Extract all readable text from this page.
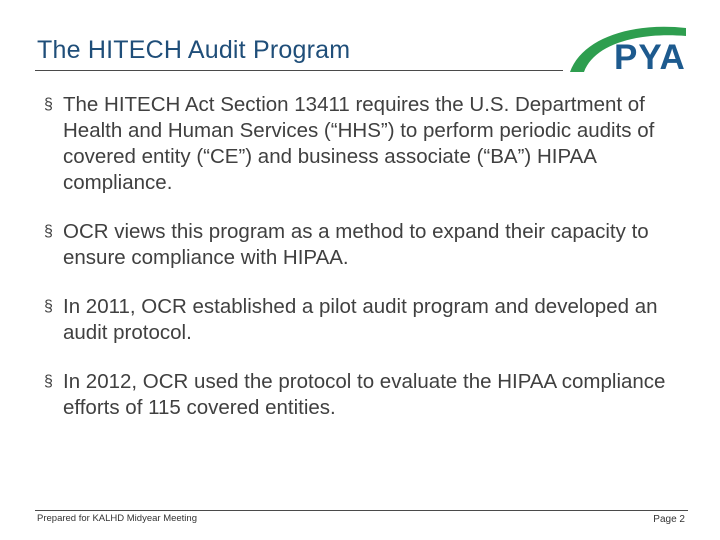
The HITECH Audit Program	PYA
§ The HITECH Act Section 13411 requires the U.S. Department of Health and Human Services (“HHS”) to perform periodic audits of covered entity (“CE”) and business associate (“BA”) HIPAA compliance.
§ OCR views this program as a method to expand their capacity to ensure compliance with HIPAA.
§ In 2011, OCR established a pilot audit program and developed an audit protocol.
§ In 2012, OCR used the protocol to evaluate the HIPAA compliance efforts of 115 covered entities.
Prepared for KALHD Midyear Meeting	Page 2
